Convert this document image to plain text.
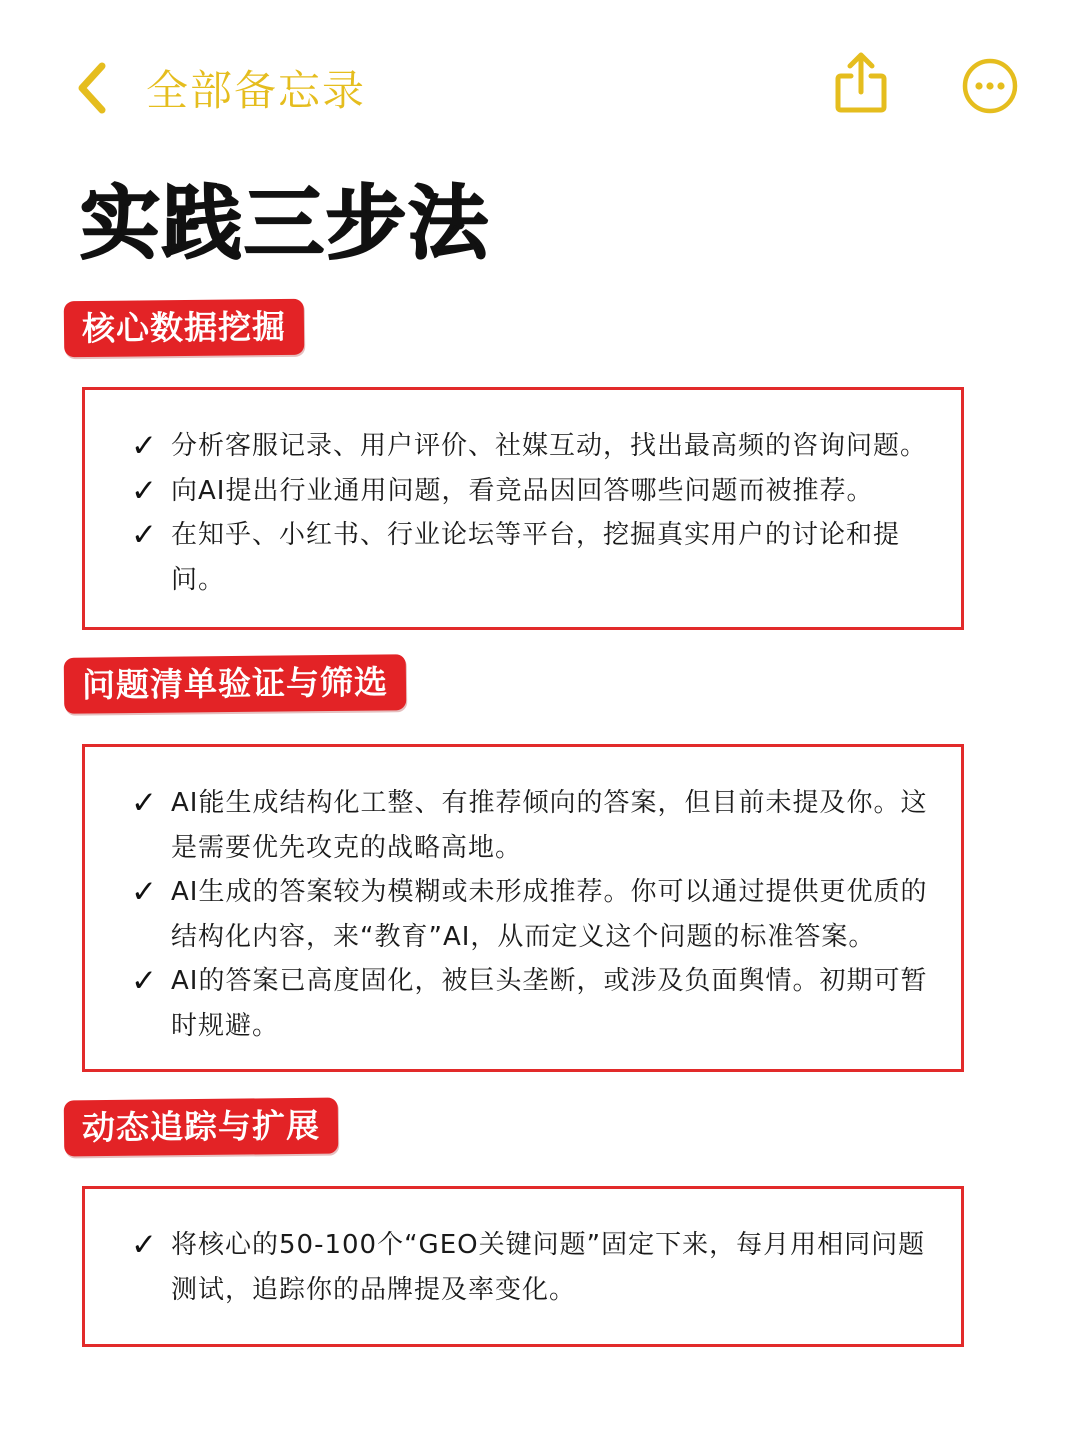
全部备忘录
实践三步法
核心数据挖掘
✓ 分析客服记录、用户评价、社媒互动，找出最高频的咨询问题。
✓ 向AI提出行业通用问题，看竞品因回答哪些问题而被推荐。
✓ 在知乎、小红书、行业论坛等平台，挖掘真实用户的讨论和提问。
问题清单验证与筛选
✓ AI能生成结构化工整、有推荐倾向的答案，但目前未提及你。这是需要优先攻克的战略高地。
✓ AI生成的答案较为模糊或未形成推荐。你可以通过提供更优质的结构化内容，来“教育”AI，从而定义这个问题的标准答案。
✓ AI的答案已高度固化，被巨头垄断，或涉及负面舆情。初期可暂时规避。
动态追踪与扩展
✓ 将核心的50-100个“GEO关键问题”固定下来，每月用相同问题测试，追踪你的品牌提及率变化。
